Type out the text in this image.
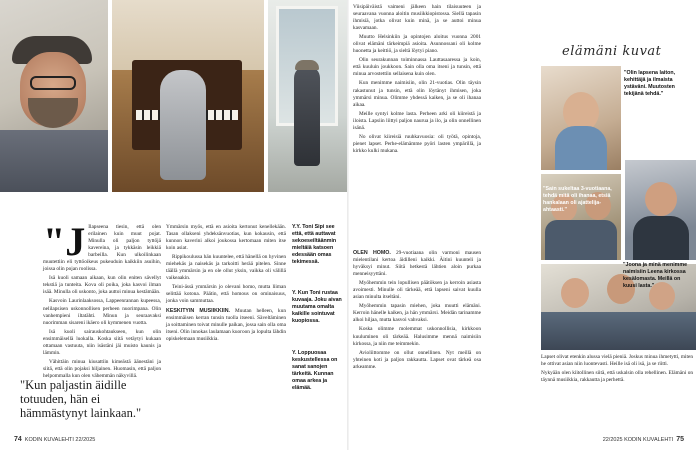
"J Ilapseena tiesin, että olen erilainen kuin muut pojat. Minulla oli paljon tyttöjä kavereina, ja tykkäsin leikkiä barbeilla. Kun ulkoilinkaan muutettiin eli tyttöoikeus pukeuduin kaikkiin asuihin, joissa olin pojan roolissa.

Isä kuoli samaan aikaan, kun olin eniten sävellyt tekstiä ja tunteita. Kova oli poika, joka kasvoi ilman isää. Minulla oli uskonto, joka auttoi minua kestämään.

Kasvoin Laurinlaaksossa, Lappeenrannan kupeessa, nelilapsisen uskonnollisen perheen nuorimpana. Olin vanhempieni iltatähti. Minun ja seuraavaksi nuorimman sisareni ikäero oli kymmenen vuotta.

Isä kuoli sairauskohtaukseen, kun olin ensimmäisellä luokalla. Koska siitä vetäytyi kukaan ottamaan vastuuta, niin isästäni jäi muisto kaunis ja lämmin.

Vähittäin minua kiusattiin kimeästä äänestäni ja siitä, että olin pojaksi hiljainen. Huomasin, että paljon helpommalla kun olen vähemmän näkyvillä.

Ymmärsin myös, että en asioita kertonut kenellekään. Tasan ollakseni yhdeksänvuotias, kun kokausin, että kunnon kaverini alkoi joukossa kertomaan miten itse koin asiat.

Rippikoulussa hän kuuntelee, että hänellä on hyvinen miehekäs ja naisekäs ja tarkoitti herää pitelen. Sinne täällä ymmärsin ja en ole ollut yksin, vaikka oli välillä vaikeaakin.

Teini-ässä ymmärsin jo olevani homo, mutta liiman selittää kotona. Päätin, että homous on ominaisuus, jonka voin sammuttaa.

KESKITYIN MUSIIKKIIN. Muutan helleen, kun ensimmäisen kerran tunsin tuolla itseeni. Säveltäminen ja soittaminen toivat minulle paikan, jossa sain olla oma itseni. Olin innokas laulamaan kuoroon ja lopulta lähdin opiskelemaan musiikkia.

Y.Y. Toni Sipi see että, että auttavat sekoeseiltäänmin mieltäiä katsoen edessään omas tekimessä.
Y. Kun Toni rustaa kuvaaja. Joku aivan muutama omalta kaikille sointuvat kuopiossa.
Y. Loppuosaa keskustellessa on sanat sanojen tärkeitä. Kunnan omaa arkea ja elämää.
"Kun paljastin äidille totuuden, hän ei hämmästynyt lainkaan."
74 KODIN KUVALEHTI 22/2025

Viisipäiväistä vaimeni jälkeen hain tilaisuuteen ja seuraavana vuonna aloitin musiikkiopistossa. Siellä tapasin ihmisiä, jotka olivat kuin minä, ja se auttoi minua kasvamaan.

Muutto Helsinkiin ja opintojen aloitus vuonna 2001 olivat elämäni tärkeimpiä asioita. Asunnossani oli kolme huonetta ja keittiö, ja sieltä löytyi piano.

Olin seurakunnan toiminnassa Lauttasaaressa ja koin, että kuuluin joukkoon. Sain olla oma itseni ja tunsin, että minua arvostettiin sellaisena kuin olen.

Kun menimme naimisiin, olin 21-vuotias. Olin täysin rakastunut ja tunsin, että olin löytänyt ihmisen, joka ymmärsi minua. Olimme yhdessä kaiken, ja se oli ihanaa aikaa.

Meille syntyi kolme lasta. Perheen arki oli kiireistä ja iloista. Lapsiin liittyi paljon naurua ja ilo, ja olin onnellinen isänä.

No olivat kiireisiä ruuhkavuosia: oli työtä, opintoja, pienet lapset. Perhe-elämämme pyöri lasten ympärillä, ja kirkko kulki mukana.

OLEN HOMO. 29-vuotiaana olin varmoni mausen mielentilani kertoa äidilleni kaikki. Äitini kuunteli ja hyväksyi minut. Siitä hetkestä lähtien aloin purkaa menneisyyttäni.

Myöhemmin tein lopullisen päätöksen ja kerroin asiasta avoimesti. Minulle oli tärkeää, että lapseni saivat kuulla asian minulta itseltäni.

Myöhemmin tapasin miehen, joka muutti elämäni. Kerroin hänelle kaiken, ja hän ymmärsi. Meidän tarinamme alkoi hiljaa, mutta kasvoi vahvaksi.

Koska olimme molemmat uskonnollisia, kirkkoon kuuluminen oli tärkeää. Halusimme mennä naimisiin kirkossa, ja niin me teimmekin.

Avioliittomme on ollut onnellinen. Nyt meillä on yhteinen koti ja paljon rakkautta. Lapset ovat tärkeä osa arkeamme.

elämäni kuvat
"Olin lapsena laiton, kehittäjä ja ilmaista ystäväni. Muutosten tekijänä tehdä."
"Sain sukeltaa 3-vuotiaana, tehdä mitä oli ihanaa, etsiä hankalaan oli ajattelija-ahtaasti."
"Joona ja minä menimme naimisiin Leena kirkossa kesälomasta. Meillä on kuusi lasta."

Lapset olivat etenkin alussa vielä pieniä. Joskus minua ihmetytti, miten he ottivat asian niin luontevasti. Heille isä oli isä, ja se riitti.

Nykyään olen kiitollinen siitä, että uskalsin olla rehellinen. Elämäni on täynnä musiikkia, rakkautta ja perhettä.

22/2025 KODIN KUVALEHTI 75
